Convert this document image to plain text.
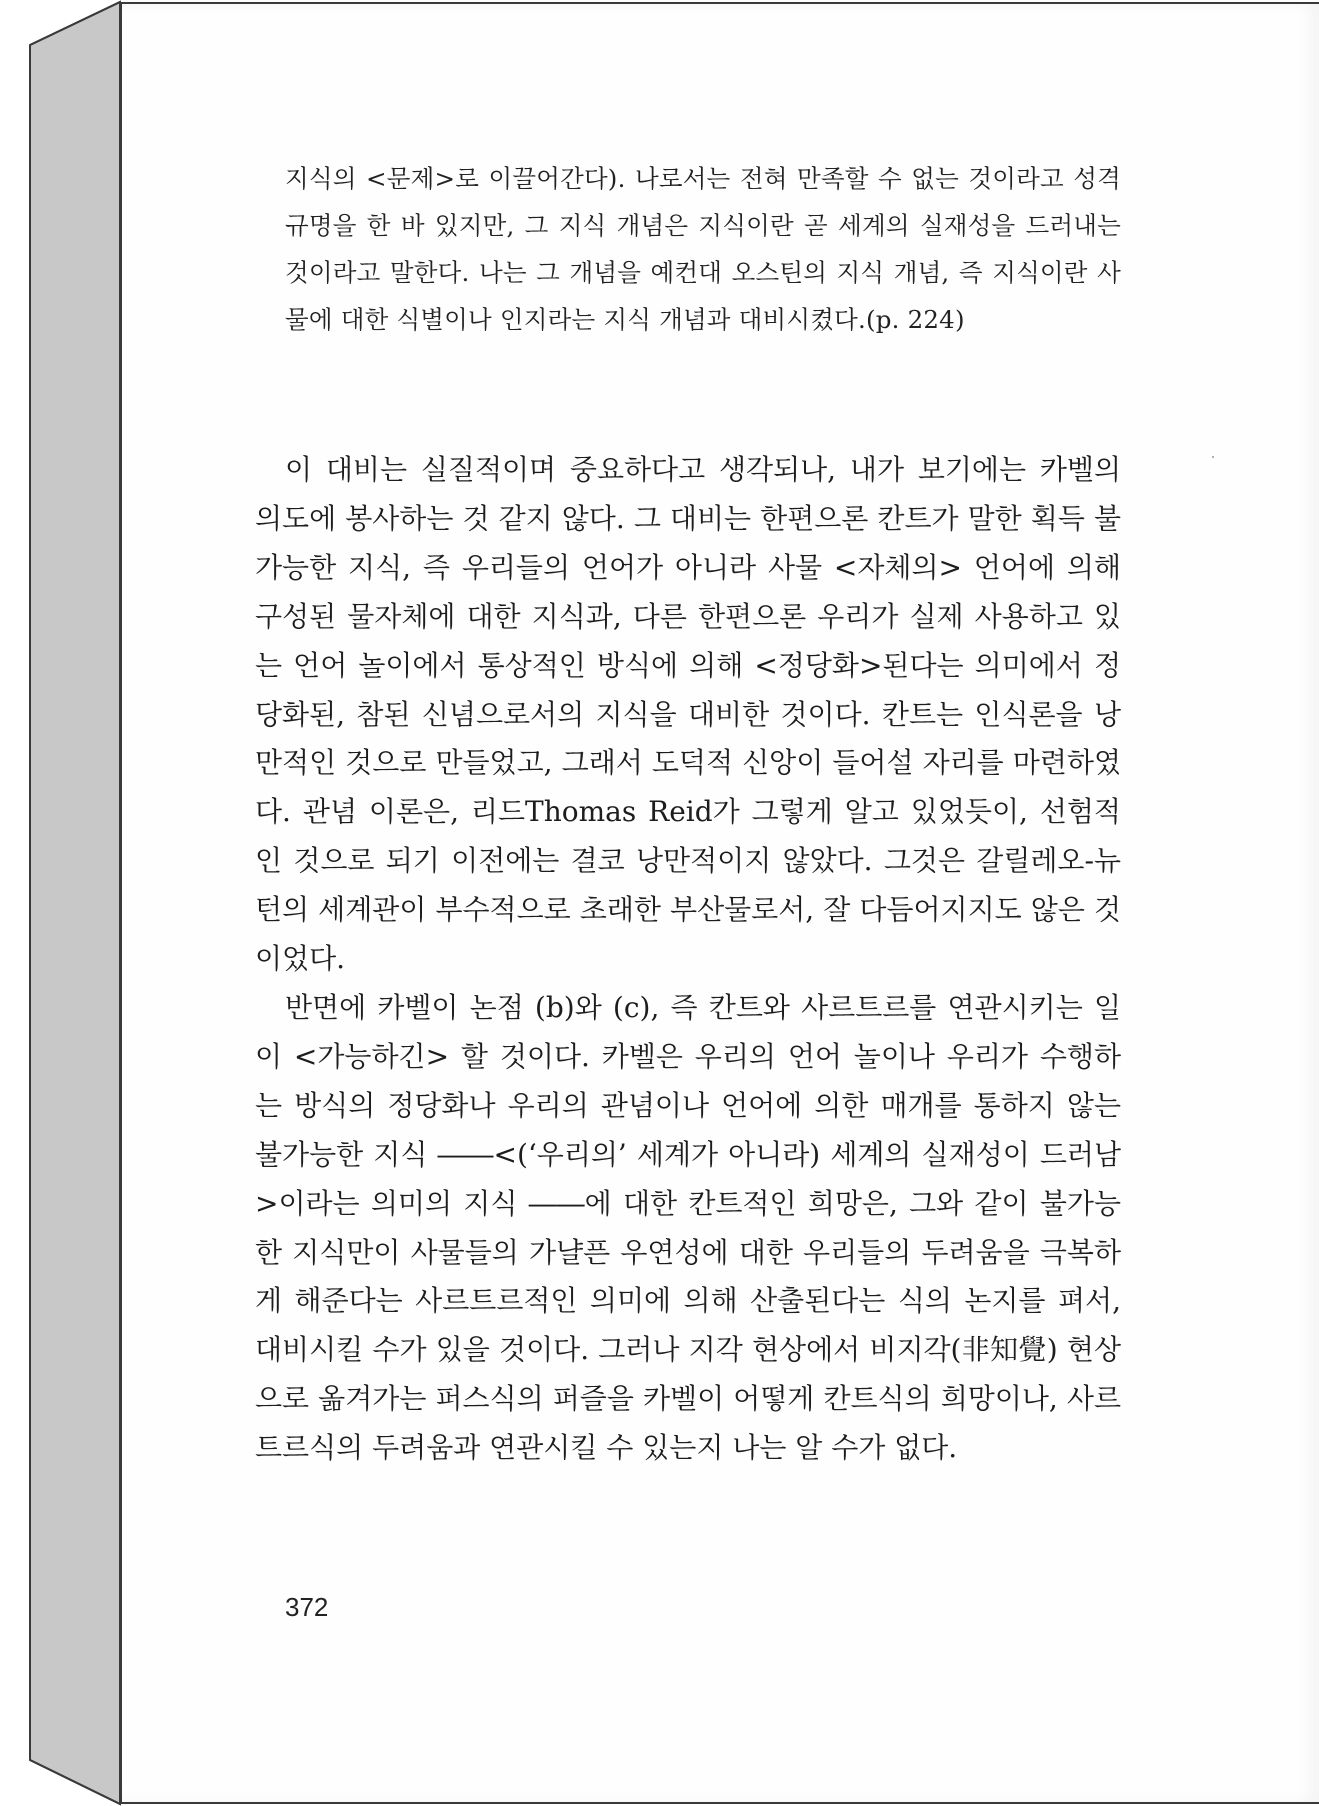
지식의 <문제>로 이끌어간다). 나로서는 전혀 만족할 수 없는 것이라고 성격 규명을 한 바 있지만, 그 지식 개념은 지식이란 곧 세계의 실재성을 드러내는 것이라고 말한다. 나는 그 개념을 예컨대 오스틴의 지식 개념, 즉 지식이란 사물에 대한 식별이나 인지라는 지식 개념과 대비시켰다.(p. 224)

이 대비는 실질적이며 중요하다고 생각되나, 내가 보기에는 카벨의 의도에 봉사하는 것 같지 않다. 그 대비는 한편으론 칸트가 말한 획득 불가능한 지식, 즉 우리들의 언어가 아니라 사물 <자체의> 언어에 의해 구성된 물자체에 대한 지식과, 다른 한편으론 우리가 실제 사용하고 있는 언어 놀이에서 통상적인 방식에 의해 <정당화>된다는 의미에서 정당화된, 참된 신념으로서의 지식을 대비한 것이다. 칸트는 인식론을 낭만적인 것으로 만들었고, 그래서 도덕적 신앙이 들어설 자리를 마련하였다. 관념 이론은, 리드Thomas Reid가 그렇게 알고 있었듯이, 선험적인 것으로 되기 이전에는 결코 낭만적이지 않았다. 그것은 갈릴레오-뉴턴의 세계관이 부수적으로 초래한 부산물로서, 잘 다듬어지지도 않은 것이었다.

반면에 카벨이 논점 (b)와 (c), 즉 칸트와 사르트르를 연관시키는 일이 <가능하긴> 할 것이다. 카벨은 우리의 언어 놀이나 우리가 수행하는 방식의 정당화나 우리의 관념이나 언어에 의한 매개를 통하지 않는 불가능한 지식 ――<(‘우리의’ 세계가 아니라) 세계의 실재성이 드러남>이라는 의미의 지식 ――에 대한 칸트적인 희망은, 그와 같이 불가능한 지식만이 사물들의 가냘픈 우연성에 대한 우리들의 두려움을 극복하게 해준다는 사르트르적인 의미에 의해 산출된다는 식의 논지를 펴서, 대비시킬 수가 있을 것이다. 그러나 지각 현상에서 비지각(非知覺) 현상으로 옮겨가는 퍼스식의 퍼즐을 카벨이 어떻게 칸트식의 희망이나, 사르트르식의 두려움과 연관시킬 수 있는지 나는 알 수가 없다.

372
